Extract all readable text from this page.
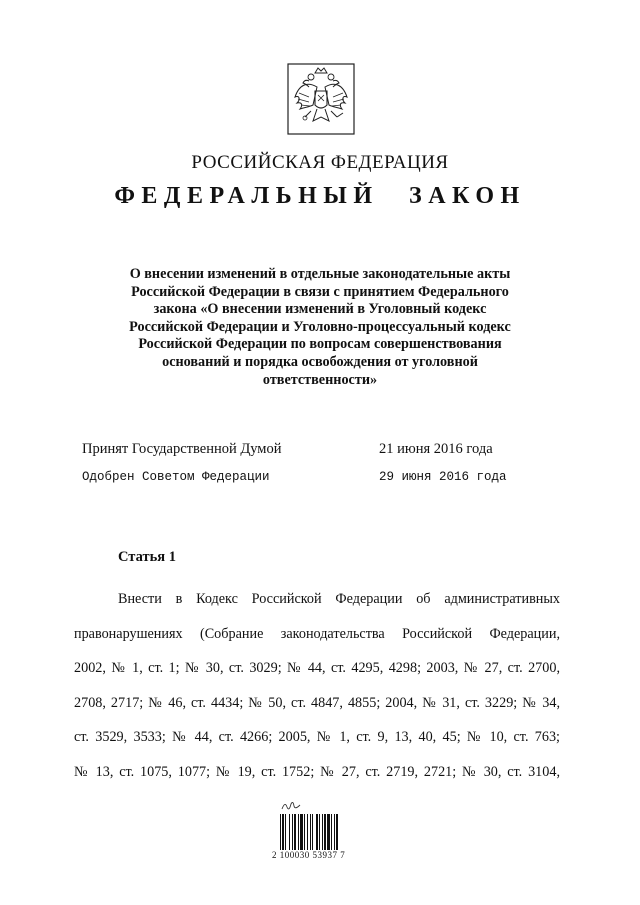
РОССИЙСКАЯ ФЕДЕРАЦИЯ
ФЕДЕРАЛЬНЫЙ ЗАКОН
О внесении изменений в отдельные законодательные акты
Российской Федерации в связи с принятием Федерального
закона «О внесении изменений в Уголовный кодекс
Российской Федерации и Уголовно-процессуальный кодекс
Российской Федерации по вопросам совершенствования
оснований и порядка освобождения от уголовной
ответственности»
Принят Государственной Думой	21 июня 2016 года
Одобрен Советом Федерации	29 июня 2016 года
Статья 1
Внести в Кодекс Российской Федерации об административных
правонарушениях (Собрание законодательства Российской Федерации,
2002, № 1, ст. 1; № 30, ст. 3029; № 44, ст. 4295, 4298; 2003, № 27, ст. 2700,
2708, 2717; № 46, ст. 4434; № 50, ст. 4847, 4855; 2004, № 31, ст. 3229; № 34,
ст. 3529, 3533; № 44, ст. 4266; 2005, № 1, ст. 9, 13, 40, 45; № 10, ст. 763;
№ 13, ст. 1075, 1077; № 19, ст. 1752; № 27, ст. 2719, 2721; № 30, ст. 3104,
2 100030 53937 7
